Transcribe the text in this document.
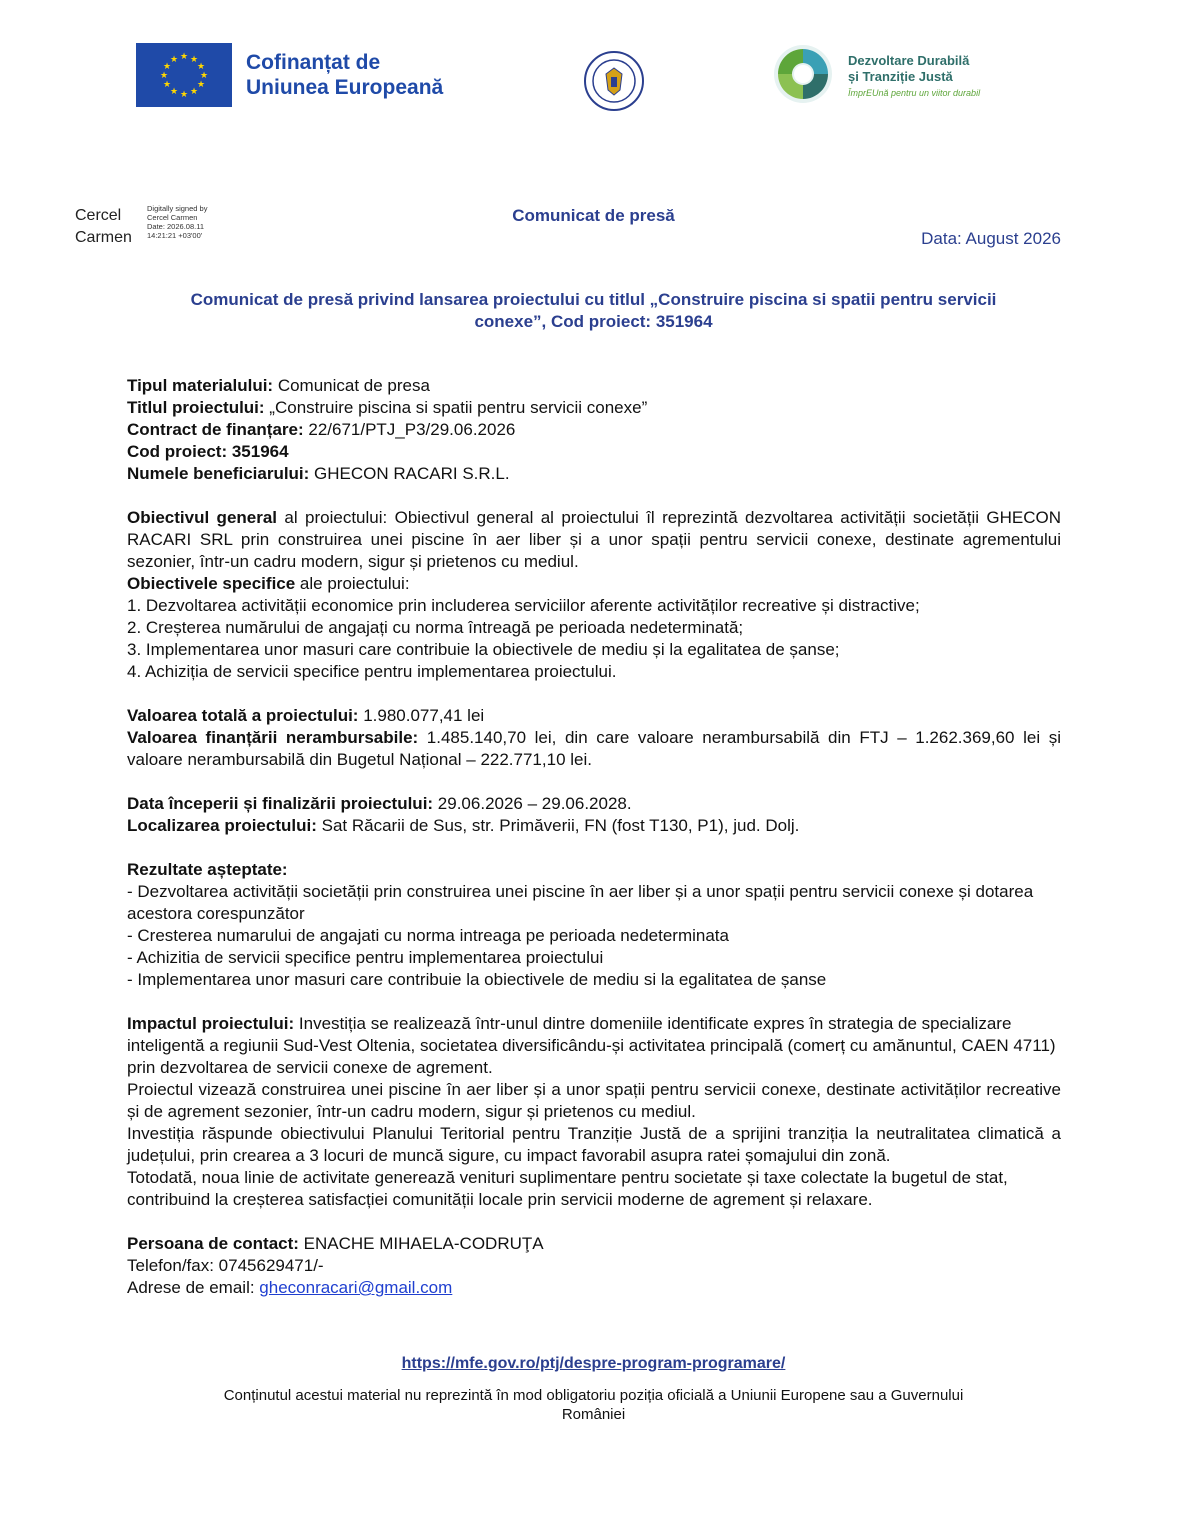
★ ★
★
★
★
★
★
★
★
★
★
★	Cofinanțat de
Uniunea Europeană
Dezvoltare Durabilă
și Tranziție Justă
ÎmprEUnă pentru un viitor durabil
Cercel
Carmen
Digitally signed by
Cercel Carmen
Date: 2026.08.11
14:21:21 +03'00'
Comunicat de presă
Data: August 2026
Comunicat de presă privind lansarea proiectului cu titlul „Construire piscina si spatii pentru servicii
conexe”, Cod proiect: 351964

Tipul materialului: Comunicat de presa

Titlul proiectului: „Construire piscina si spatii pentru servicii conexe”

Contract de finanțare: 22/671/PTJ_P3/29.06.2026

Cod proiect: 351964

Numele beneficiarului: GHECON RACARI S.R.L.

Obiectivul general al proiectului: Obiectivul general al proiectului îl reprezintă dezvoltarea activității societății GHECON RACARI SRL prin construirea unei piscine în aer liber și a unor spații pentru servicii conexe, destinate agrementului sezonier, într-un cadru modern, sigur și prietenos cu mediul.

Obiectivele specifice ale proiectului:

1. Dezvoltarea activității economice prin includerea serviciilor aferente activităților recreative și distractive;

2. Creșterea numărului de angajați cu norma întreagă pe perioada nedeterminată;

3. Implementarea unor masuri care contribuie la obiectivele de mediu și la egalitatea de șanse;

4. Achiziția de servicii specifice pentru implementarea proiectului.

Valoarea totală a proiectului: 1.980.077,41 lei

Valoarea finanțării nerambursabile: 1.485.140,70 lei, din care valoare nerambursabilă din FTJ – 1.262.369,60 lei și valoare nerambursabilă din Bugetul Național – 222.771,10 lei.

Data începerii și finalizării proiectului: 29.06.2026 – 29.06.2028.

Localizarea proiectului: Sat Răcarii de Sus, str. Primăverii, FN (fost T130, P1), jud. Dolj.

Rezultate așteptate:

- Dezvoltarea activității societății prin construirea unei piscine în aer liber și a unor spații pentru servicii conexe și dotarea acestora corespunzător

- Cresterea numarului de angajati cu norma intreaga pe perioada nedeterminata

- Achizitia de servicii specifice pentru implementarea proiectului

- Implementarea unor masuri care contribuie la obiectivele de mediu si la egalitatea de șanse

Impactul proiectului: Investiția se realizează într-unul dintre domeniile identificate expres în strategia de specializare inteligentă a regiunii Sud-Vest Oltenia, societatea diversificându-și activitatea principală (comerț cu amănuntul, CAEN 4711) prin dezvoltarea de servicii conexe de agrement.

Proiectul vizează construirea unei piscine în aer liber și a unor spații pentru servicii conexe, destinate activităților recreative și de agrement sezonier, într-un cadru modern, sigur și prietenos cu mediul.

Investiția răspunde obiectivului Planului Teritorial pentru Tranziție Justă de a sprijini tranziția la neutralitatea climatică a județului, prin crearea a 3 locuri de muncă sigure, cu impact favorabil asupra ratei șomajului din zonă.

Totodată, noua linie de activitate generează venituri suplimentare pentru societate și taxe colectate la bugetul de stat, contribuind la creșterea satisfacției comunității locale prin servicii moderne de agrement și relaxare.

Persoana de contact: ENACHE MIHAELA-CODRUŢA

Telefon/fax: 0745629471/-

Adrese de email: gheconracari@gmail.com

https://mfe.gov.ro/ptj/despre-program-programare/
Conținutul acestui material nu reprezintă în mod obligatoriu poziția oficială a Uniunii Europene sau a Guvernului
României
